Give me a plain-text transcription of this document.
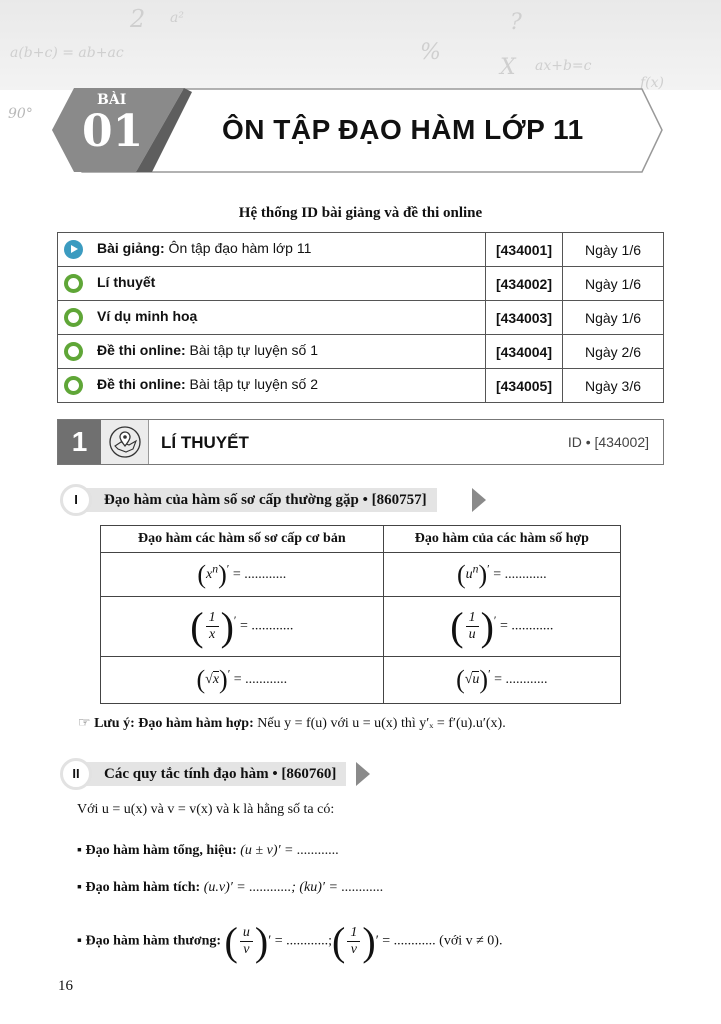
a(b+c) = ab+ac
2 a²
%
?
ax+b=c
f(x)
X
90°
BÀI
01	ÔN TẬP ĐẠO HÀM LỚP 11
Hệ thống ID bài giảng và đề thi online
Bài giảng: Ôn tập đạo hàm lớp 11	[434001]	Ngày 1/6
Lí thuyết	[434002]	Ngày 1/6
Ví dụ minh hoạ	[434003]	Ngày 1/6
Đề thi online: Bài tập tự luyện số 1	[434004]	Ngày 2/6
Đề thi online: Bài tập tự luyện số 2	[434005]	Ngày 3/6
1	LÍ THUYẾT	ID • [434002]
I	Đạo hàm của hàm số sơ cấp thường gặp • [860757]
Đạo hàm các hàm số sơ cấp cơ bản	Đạo hàm của các hàm số hợp
$(x^n)'$ = ............	$(u^n)'$ = ............
( $\frac{1}{x} )'$ = ............	( $\frac{1}{u} )'$ = ............
(√x)′ = ............	(√u)′ = ............
☞ Lưu ý: Đạo hàm hàm hợp: Nếu y = f(u) với u = u(x) thì y′ₓ = f′(u).u′(x).
II	Các quy tắc tính đạo hàm • [860760]
Với u = u(x) và v = v(x) và k là hằng số ta có:
▪ Đạo hàm hàm tổng, hiệu: (u ± v)′ = ............
▪ Đạo hàm hàm tích: (u.v)′ = ............; (ku)′ = ............
▪ Đạo hàm hàm thương: ( $\frac{u}{v}$ )′ = ............;( $\frac{1}{v}$ )′ = ............ (với v ≠ 0).
16
